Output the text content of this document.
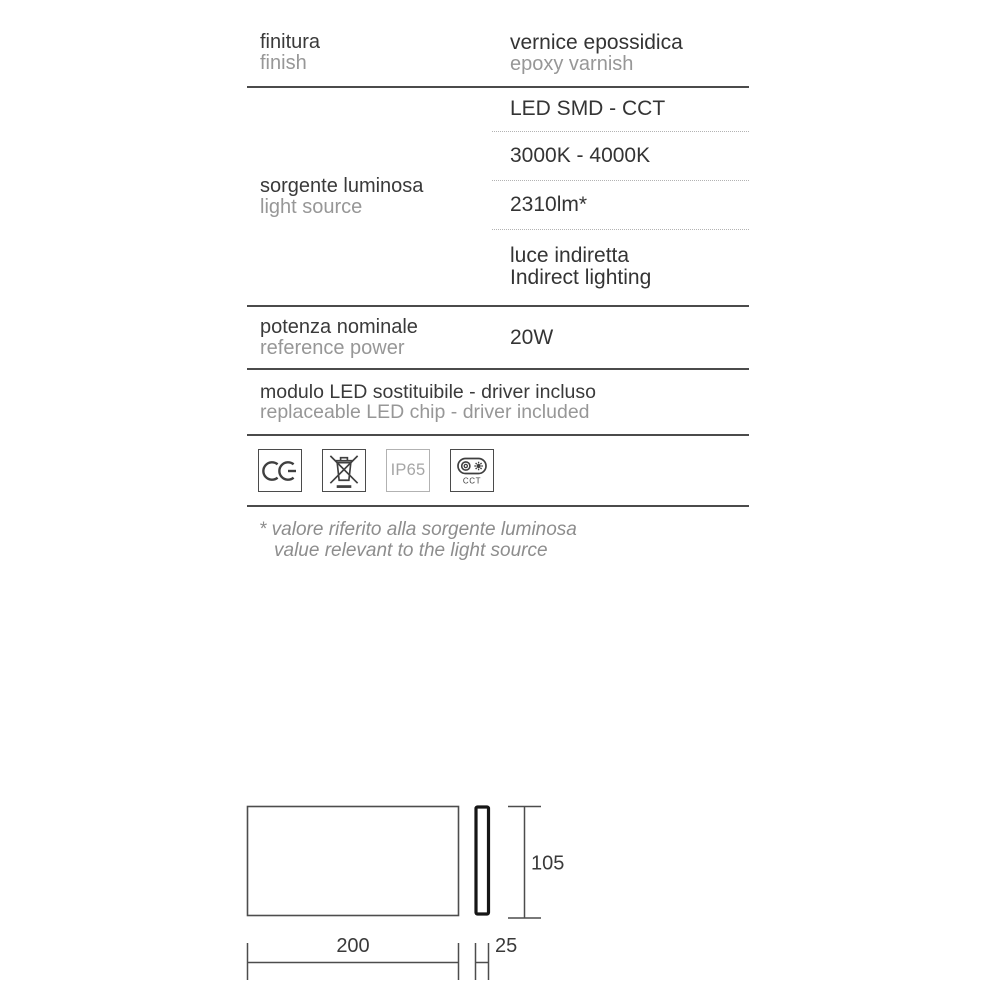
finitura
finish
vernice epossidica
epoxy varnish
sorgente luminosa
light source
LED SMD - CCT
3000K - 4000K
2310lm*
luce indiretta
Indirect lighting
potenza nominale
reference power	20W
modulo LED sostituibile - driver incluso
replaceable LED chip - driver included
IP65
CCT
* valore riferito alla sorgente luminosa
value relevant to the light source
105
200	25
